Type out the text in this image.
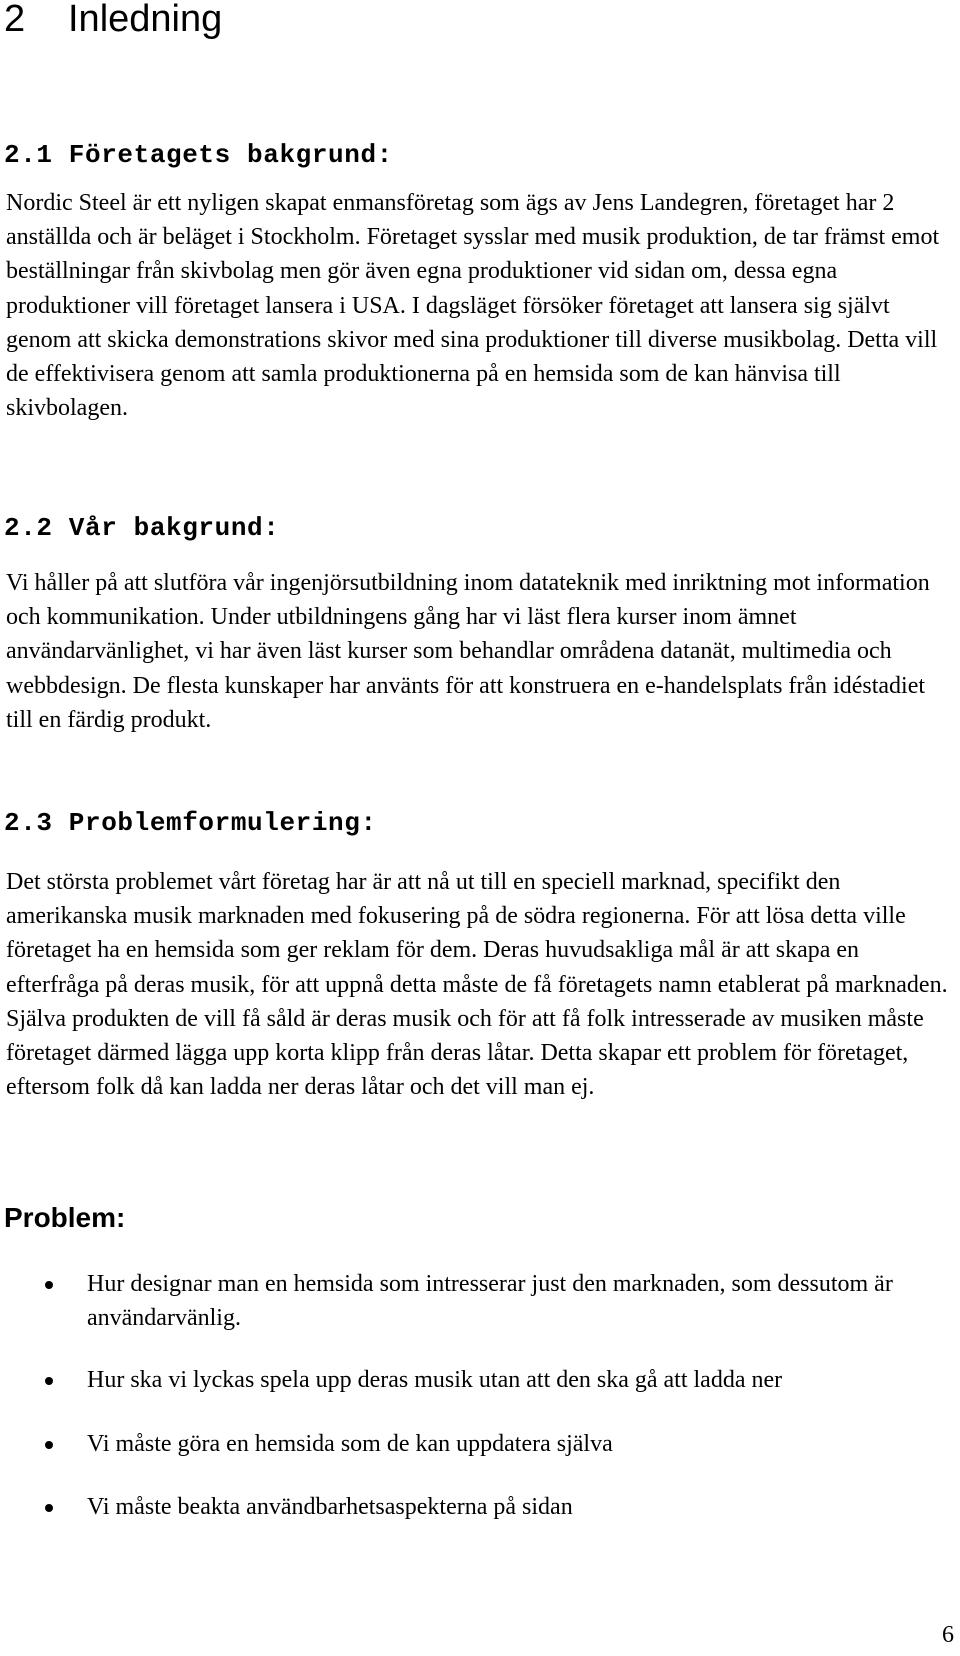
2 Inledning
2.1 Företagets bakgrund:

Nordic Steel är ett nyligen skapat enmansföretag som ägs av Jens Landegren, företaget har 2 anställda och är beläget i Stockholm. Företaget sysslar med musik produktion, de tar främst emot beställningar från skivbolag men gör även egna produktioner vid sidan om, dessa egna produktioner vill företaget lansera i USA. I dagsläget försöker företaget att lansera sig självt genom att skicka demonstrations skivor med sina produktioner till diverse musikbolag. Detta vill de effektivisera genom att samla produktionerna på en hemsida som de kan hänvisa till skivbolagen.

2.2 Vår bakgrund:

Vi håller på att slutföra vår ingenjörsutbildning inom datateknik med inriktning mot information och kommunikation. Under utbildningens gång har vi läst flera kurser inom ämnet användarvänlighet, vi har även läst kurser som behandlar områdena datanät, multimedia och webbdesign. De flesta kunskaper har använts för att konstruera en e-handelsplats från idéstadiet till en färdig produkt.

2.3 Problemformulering:

Det största problemet vårt företag har är att nå ut till en speciell marknad, specifikt den amerikanska musik marknaden med fokusering på de södra regionerna. För att lösa detta ville företaget ha en hemsida som ger reklam för dem. Deras huvudsakliga mål är att skapa en efterfråga på deras musik, för att uppnå detta måste de få företagets namn etablerat på marknaden. Själva produkten de vill få såld är deras musik och för att få folk intresserade av musiken måste företaget därmed lägga upp korta klipp från deras låtar. Detta skapar ett problem för företaget, eftersom folk då kan ladda ner deras låtar och det vill man ej.

Problem:
Hur designar man en hemsida som intresserar just den marknaden, som dessutom är användarvänlig.
Hur ska vi lyckas spela upp deras musik utan att den ska gå att ladda ner
Vi måste göra en hemsida som de kan uppdatera själva
Vi måste beakta användbarhetsaspekterna på sidan
6
